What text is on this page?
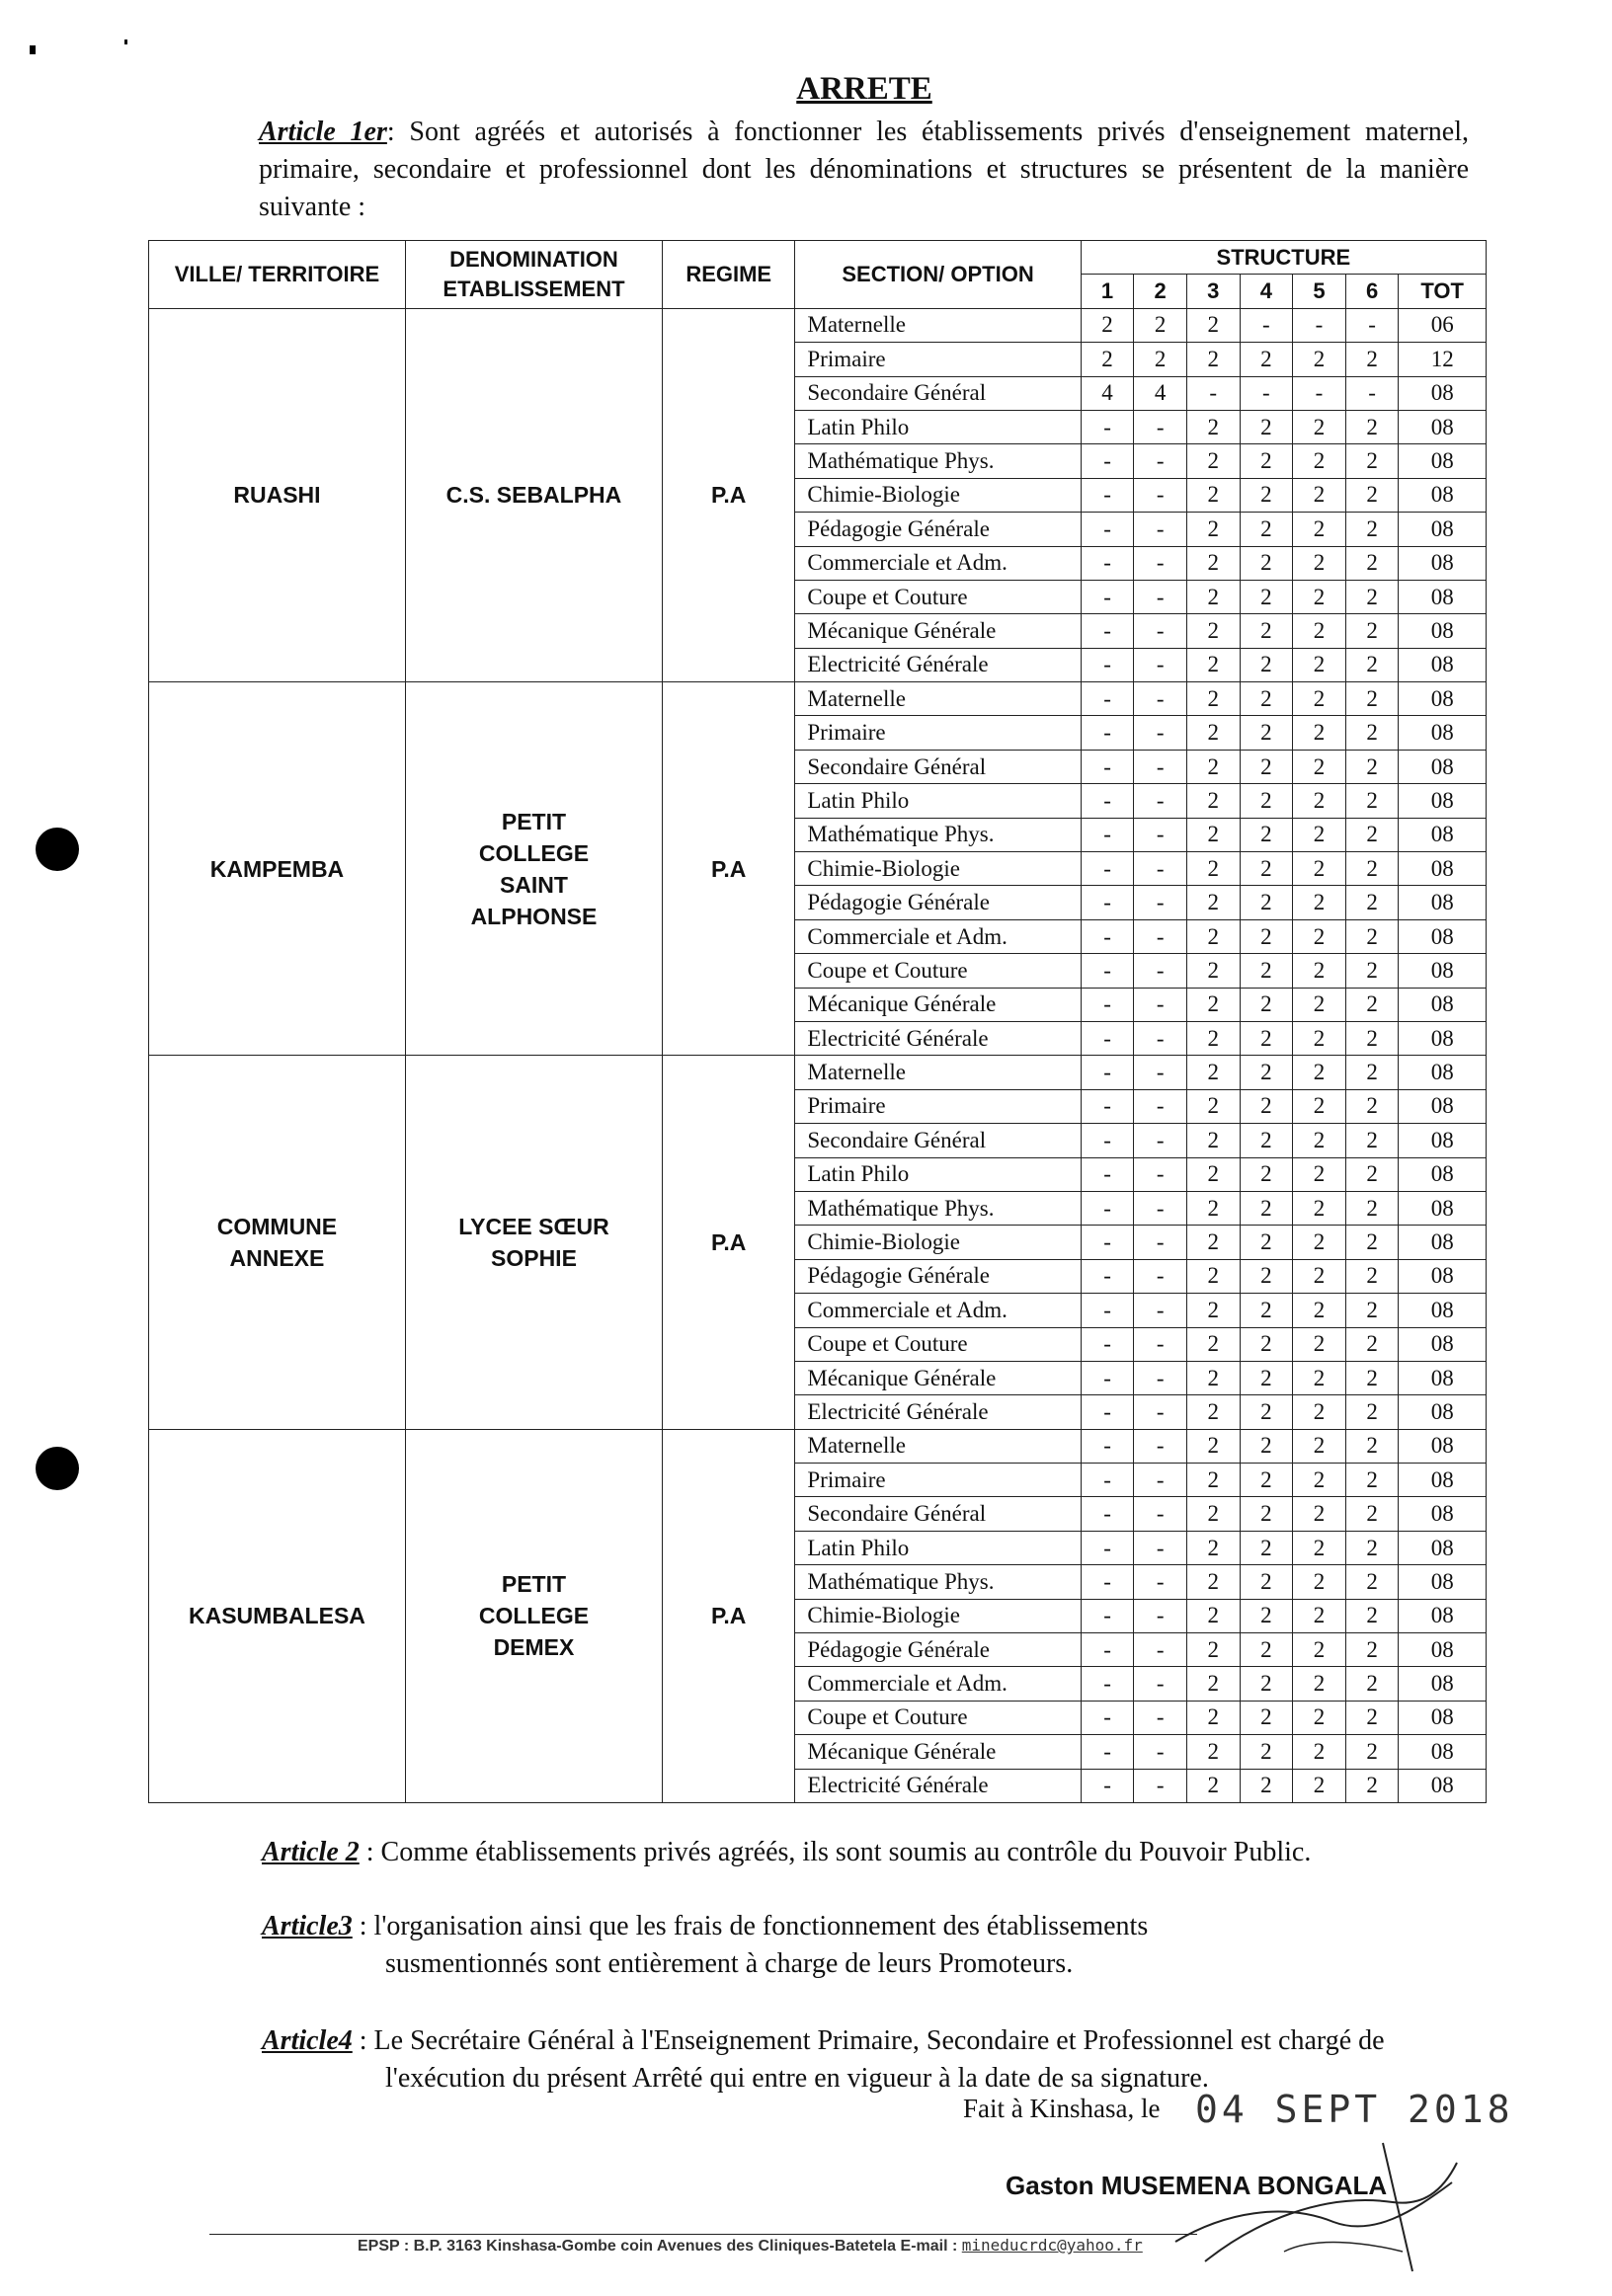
ARRETE
Article 1er: Sont agréés et autorisés à fonctionner les établissements privés d'enseignement maternel, primaire, secondaire et professionnel dont les dénominations et structures se présentent de la manière suivante :
VILLE/ TERRITOIRE	DENOMINATION ETABLISSEMENT	REGIME	SECTION/ OPTION	STRUCTURE						
				1	2	3	4	5	6	TOT
RUASHI	C.S. SEBALPHA	P.A	Maternelle	2	2	2	-	-	-	06
			Primaire	2	2	2	2	2	2	12
			Secondaire Général	4	4	-	-	-	-	08
			Latin Philo	-	-	2	2	2	2	08
			Mathématique Phys.	-	-	2	2	2	2	08
			Chimie-Biologie	-	-	2	2	2	2	08
			Pédagogie Générale	-	-	2	2	2	2	08
			Commerciale et Adm.	-	-	2	2	2	2	08
			Coupe et Couture	-	-	2	2	2	2	08
			Mécanique Générale	-	-	2	2	2	2	08
			Electricité Générale	-	-	2	2	2	2	08
KAMPEMBA	PETIT COLLEGE SAINT ALPHONSE	P.A	Maternelle	-	-	2	2	2	2	08
			Primaire	-	-	2	2	2	2	08
			Secondaire Général	-	-	2	2	2	2	08
			Latin Philo	-	-	2	2	2	2	08
			Mathématique Phys.	-	-	2	2	2	2	08
			Chimie-Biologie	-	-	2	2	2	2	08
			Pédagogie Générale	-	-	2	2	2	2	08
			Commerciale et Adm.	-	-	2	2	2	2	08
			Coupe et Couture	-	-	2	2	2	2	08
			Mécanique Générale	-	-	2	2	2	2	08
			Electricité Générale	-	-	2	2	2	2	08
COMMUNE ANNEXE	LYCEE SŒUR SOPHIE	P.A	Maternelle	-	-	2	2	2	2	08
			Primaire	-	-	2	2	2	2	08
			Secondaire Général	-	-	2	2	2	2	08
			Latin Philo	-	-	2	2	2	2	08
			Mathématique Phys.	-	-	2	2	2	2	08
			Chimie-Biologie	-	-	2	2	2	2	08
			Pédagogie Générale	-	-	2	2	2	2	08
			Commerciale et Adm.	-	-	2	2	2	2	08
			Coupe et Couture	-	-	2	2	2	2	08
			Mécanique Générale	-	-	2	2	2	2	08
			Electricité Générale	-	-	2	2	2	2	08
KASUMBALESA	PETIT COLLEGE DEMEX	P.A	Maternelle	-	-	2	2	2	2	08
			Primaire	-	-	2	2	2	2	08
			Secondaire Général	-	-	2	2	2	2	08
			Latin Philo	-	-	2	2	2	2	08
			Mathématique Phys.	-	-	2	2	2	2	08
			Chimie-Biologie	-	-	2	2	2	2	08
			Pédagogie Générale	-	-	2	2	2	2	08
			Commerciale et Adm.	-	-	2	2	2	2	08
			Coupe et Couture	-	-	2	2	2	2	08
			Mécanique Générale	-	-	2	2	2	2	08
			Electricité Générale	-	-	2	2	2	2	08
Article 2 : Comme établissements privés agréés, ils sont soumis au contrôle du Pouvoir Public.
Article3 : l'organisation ainsi que les frais de fonctionnement des établissements
susmentionnés sont entièrement à charge de leurs Promoteurs.
Article4 : Le Secrétaire Général à l'Enseignement Primaire, Secondaire et Professionnel est chargé de
l'exécution du présent Arrêté qui entre en vigueur à la date de sa signature.
Fait à Kinshasa, le 04 SEPT 2018
Gaston MUSEMENA BONGALA
EPSP : B.P. 3163 Kinshasa-Gombe coin Avenues des Cliniques-Batetela E-mail : mineducrdc@yahoo.fr
